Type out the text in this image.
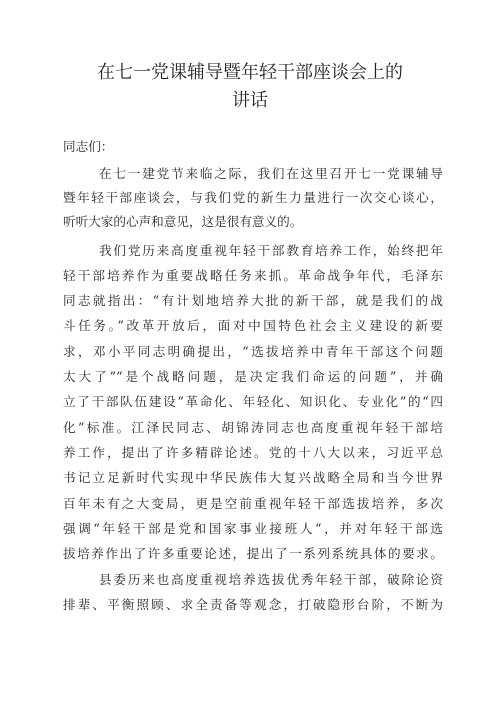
在七一党课辅导暨年轻干部座谈会上的
讲话
同志们：
在七一建党节来临之际，我们在这里召开七一党课辅导
暨年轻干部座谈会，与我们党的新生力量进行一次交心谈心，
听听大家的心声和意见，这是很有意义的。
我们党历来高度重视年轻干部教育培养工作，始终把年
轻干部培养作为重要战略任务来抓。革命战争年代，毛泽东
同志就指出：“有计划地培养大批的新干部，就是我们的战
斗任务。”改革开放后，面对中国特色社会主义建设的新要
求，邓小平同志明确提出，“选拔培养中青年干部这个问题
太大了”“是个战略问题，是决定我们命运的问题”，并确
立了干部队伍建设“革命化、年轻化、知识化、专业化”的“四
化”标准。江泽民同志、胡锦涛同志也高度重视年轻干部培
养工作，提出了许多精辟论述。党的十八大以来，习近平总
书记立足新时代实现中华民族伟大复兴战略全局和当今世界
百年未有之大变局，更是空前重视年轻干部选拔培养，多次
强调“年轻干部是党和国家事业接班人“，并对年轻干部选
拔培养作出了许多重要论述，提出了一系列系统具体的要求。
县委历来也高度重视培养选拔优秀年轻干部，破除论资
排辈、平衡照顾、求全责备等观念，打破隐形台阶，不断为
